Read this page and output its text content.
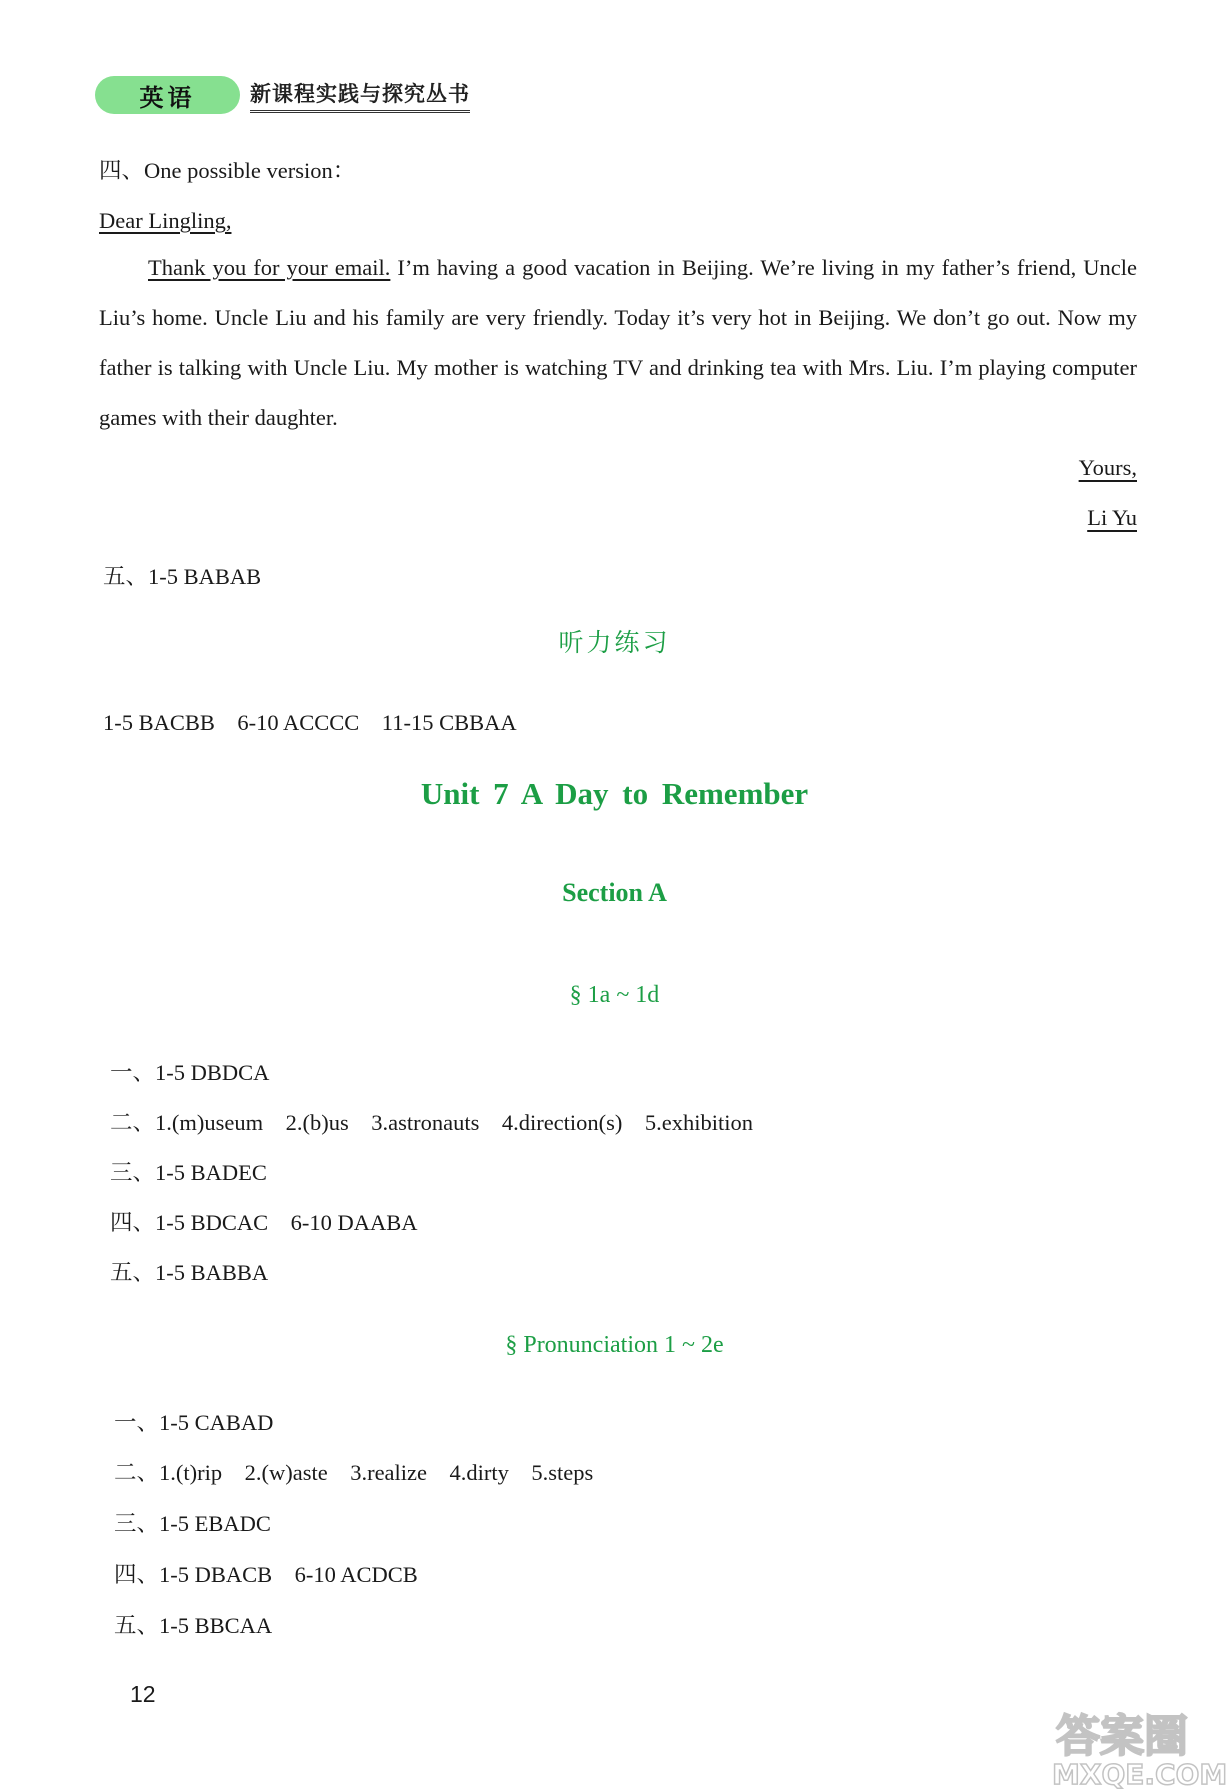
英语	新课程实践与探究丛书
四、One possible version：
Dear Lingling,

Thank you for your email. I’m having a good vacation in Beijing. We’re living in my father’s friend, Uncle Liu’s home. Uncle Liu and his family are very friendly. Today it’s very hot in Beijing. We don’t go out. Now my father is talking with Uncle Liu. My mother is watching TV and drinking tea with Mrs. Liu. I’m playing computer games with their daughter.

Yours,
Li Yu
五、1-5 BABAB
听力练习
1-5 BACBB    6-10 ACCCC    11-15 CBBAA
Unit 7 A Day to Remember
Section A
§ 1a ~ 1d
一、1-5 DBDCA
二、1.(m)useum    2.(b)us    3.astronauts    4.direction(s)    5.exhibition
三、1-5 BADEC
四、1-5 BDCAC    6-10 DAABA
五、1-5 BABBA
§ Pronunciation 1 ~ 2e
一、1-5 CABAD
二、1.(t)rip    2.(w)aste    3.realize    4.dirty    5.steps
三、1-5 EBADC
四、1-5 DBACB    6-10 ACDCB
五、1-5 BBCAA
12
答案圈
MXQE.COM
